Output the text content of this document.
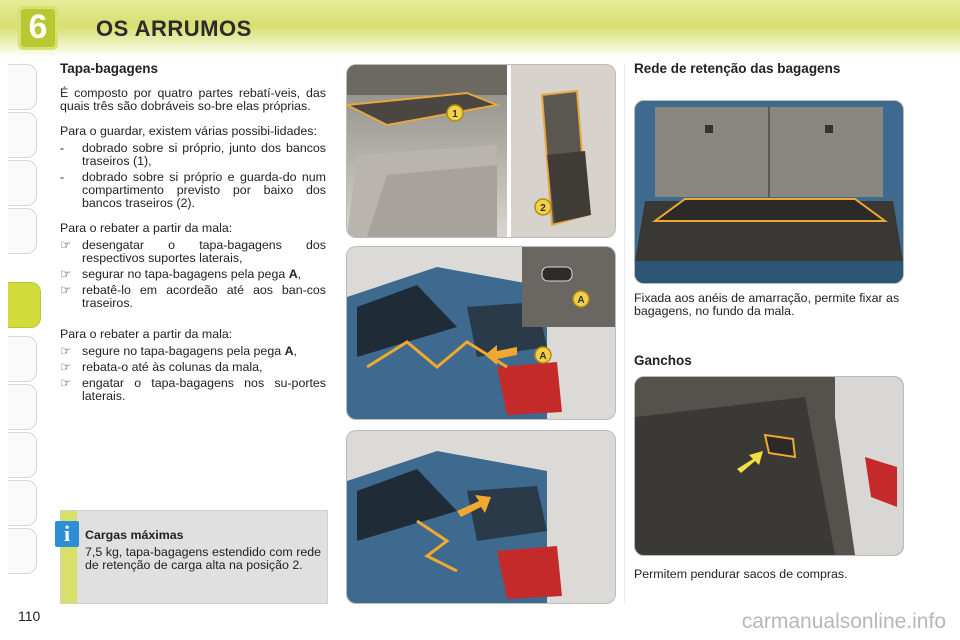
6	OS ARRUMOS
Tapa-bagagens

É composto por quatro partes rebatí-veis, das quais três são dobráveis so-bre elas próprias.

Para o guardar, existem várias possibi-lidades:

-	dobrado sobre si próprio, junto dos bancos traseiros (1),
-	dobrado sobre si próprio e guarda-do num compartimento previsto por baixo dos bancos traseiros (2).

Para o rebater a partir da mala:

☞ desengatar o tapa-bagagens dos respectivos suportes laterais,
☞ segurar no tapa-bagagens pela pega A,
☞ rebatê-lo em acordeão até aos ban-cos traseiros.

Para o rebater a partir da mala:

☞ segure no tapa-bagagens pela pega A,
☞ rebata-o até às colunas da mala,
☞ engatar o tapa-bagagens nos su-portes laterais.
i	Cargas máximas

7,5 kg, tapa-bagagens estendido com rede de retenção de carga alta na posição 2.

1
2
A
A
Rede de retenção das bagagens

Fixada aos anéis de amarração, permite fixar as bagagens, no fundo da mala.

Ganchos

Permitem pendurar sacos de compras.

110	carmanualsonline.info
